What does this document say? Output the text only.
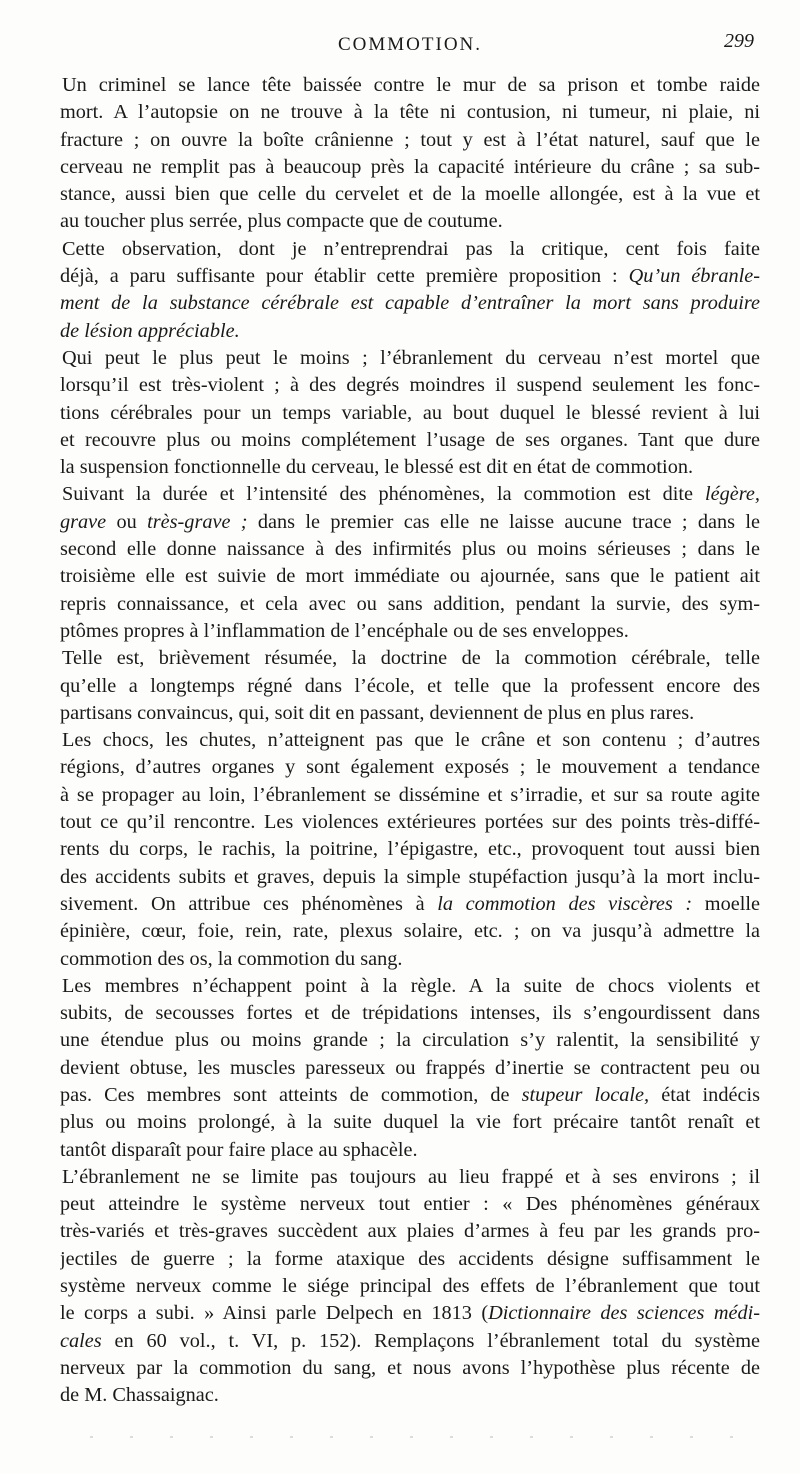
COMMOTION.	299

Un criminel se lance tête baissée contre le mur de sa prison et tombe raide
mort. A l’autopsie on ne trouve à la tête ni contusion, ni tumeur, ni plaie, ni
fracture ; on ouvre la boîte crânienne ; tout y est à l’état naturel, sauf que le
cerveau ne remplit pas à beaucoup près la capacité intérieure du crâne ; sa sub-
stance, aussi bien que celle du cervelet et de la moelle allongée, est à la vue et
au toucher plus serrée, plus compacte que de coutume.

Cette observation, dont je n’entreprendrai pas la critique, cent fois faite
déjà, a paru suffisante pour établir cette première proposition : Qu’un ébranle-
ment de la substance cérébrale est capable d’entraîner la mort sans produire
de lésion appréciable.

Qui peut le plus peut le moins ; l’ébranlement du cerveau n’est mortel que
lorsqu’il est très-violent ; à des degrés moindres il suspend seulement les fonc-
tions cérébrales pour un temps variable, au bout duquel le blessé revient à lui
et recouvre plus ou moins complétement l’usage de ses organes. Tant que dure
la suspension fonctionnelle du cerveau, le blessé est dit en état de commotion.

Suivant la durée et l’intensité des phénomènes, la commotion est dite légère,
grave ou très-grave ; dans le premier cas elle ne laisse aucune trace ; dans le
second elle donne naissance à des infirmités plus ou moins sérieuses ; dans le
troisième elle est suivie de mort immédiate ou ajournée, sans que le patient ait
repris connaissance, et cela avec ou sans addition, pendant la survie, des sym-
ptômes propres à l’inflammation de l’encéphale ou de ses enveloppes.

Telle est, brièvement résumée, la doctrine de la commotion cérébrale, telle
qu’elle a longtemps régné dans l’école, et telle que la professent encore des
partisans convaincus, qui, soit dit en passant, deviennent de plus en plus rares.

Les chocs, les chutes, n’atteignent pas que le crâne et son contenu ; d’autres
régions, d’autres organes y sont également exposés ; le mouvement a tendance
à se propager au loin, l’ébranlement se dissémine et s’irradie, et sur sa route agite
tout ce qu’il rencontre. Les violences extérieures portées sur des points très-diffé-
rents du corps, le rachis, la poitrine, l’épigastre, etc., provoquent tout aussi bien
des accidents subits et graves, depuis la simple stupéfaction jusqu’à la mort inclu-
sivement. On attribue ces phénomènes à la commotion des viscères : moelle
épinière, cœur, foie, rein, rate, plexus solaire, etc. ; on va jusqu’à admettre la
commotion des os, la commotion du sang.

Les membres n’échappent point à la règle. A la suite de chocs violents et
subits, de secousses fortes et de trépidations intenses, ils s’engourdissent dans
une étendue plus ou moins grande ; la circulation s’y ralentit, la sensibilité y
devient obtuse, les muscles paresseux ou frappés d’inertie se contractent peu ou
pas. Ces membres sont atteints de commotion, de stupeur locale, état indécis
plus ou moins prolongé, à la suite duquel la vie fort précaire tantôt renaît et
tantôt disparaît pour faire place au sphacèle.

L’ébranlement ne se limite pas toujours au lieu frappé et à ses environs ; il
peut atteindre le système nerveux tout entier : « Des phénomènes généraux
très-variés et très-graves succèdent aux plaies d’armes à feu par les grands pro-
jectiles de guerre ; la forme ataxique des accidents désigne suffisamment le
système nerveux comme le siége principal des effets de l’ébranlement que tout
le corps a subi. » Ainsi parle Delpech en 1813 (Dictionnaire des sciences médi-
cales en 60 vol., t. VI, p. 152). Remplaçons l’ébranlement total du système
nerveux par la commotion du sang, et nous avons l’hypothèse plus récente de
de M. Chassaignac.
